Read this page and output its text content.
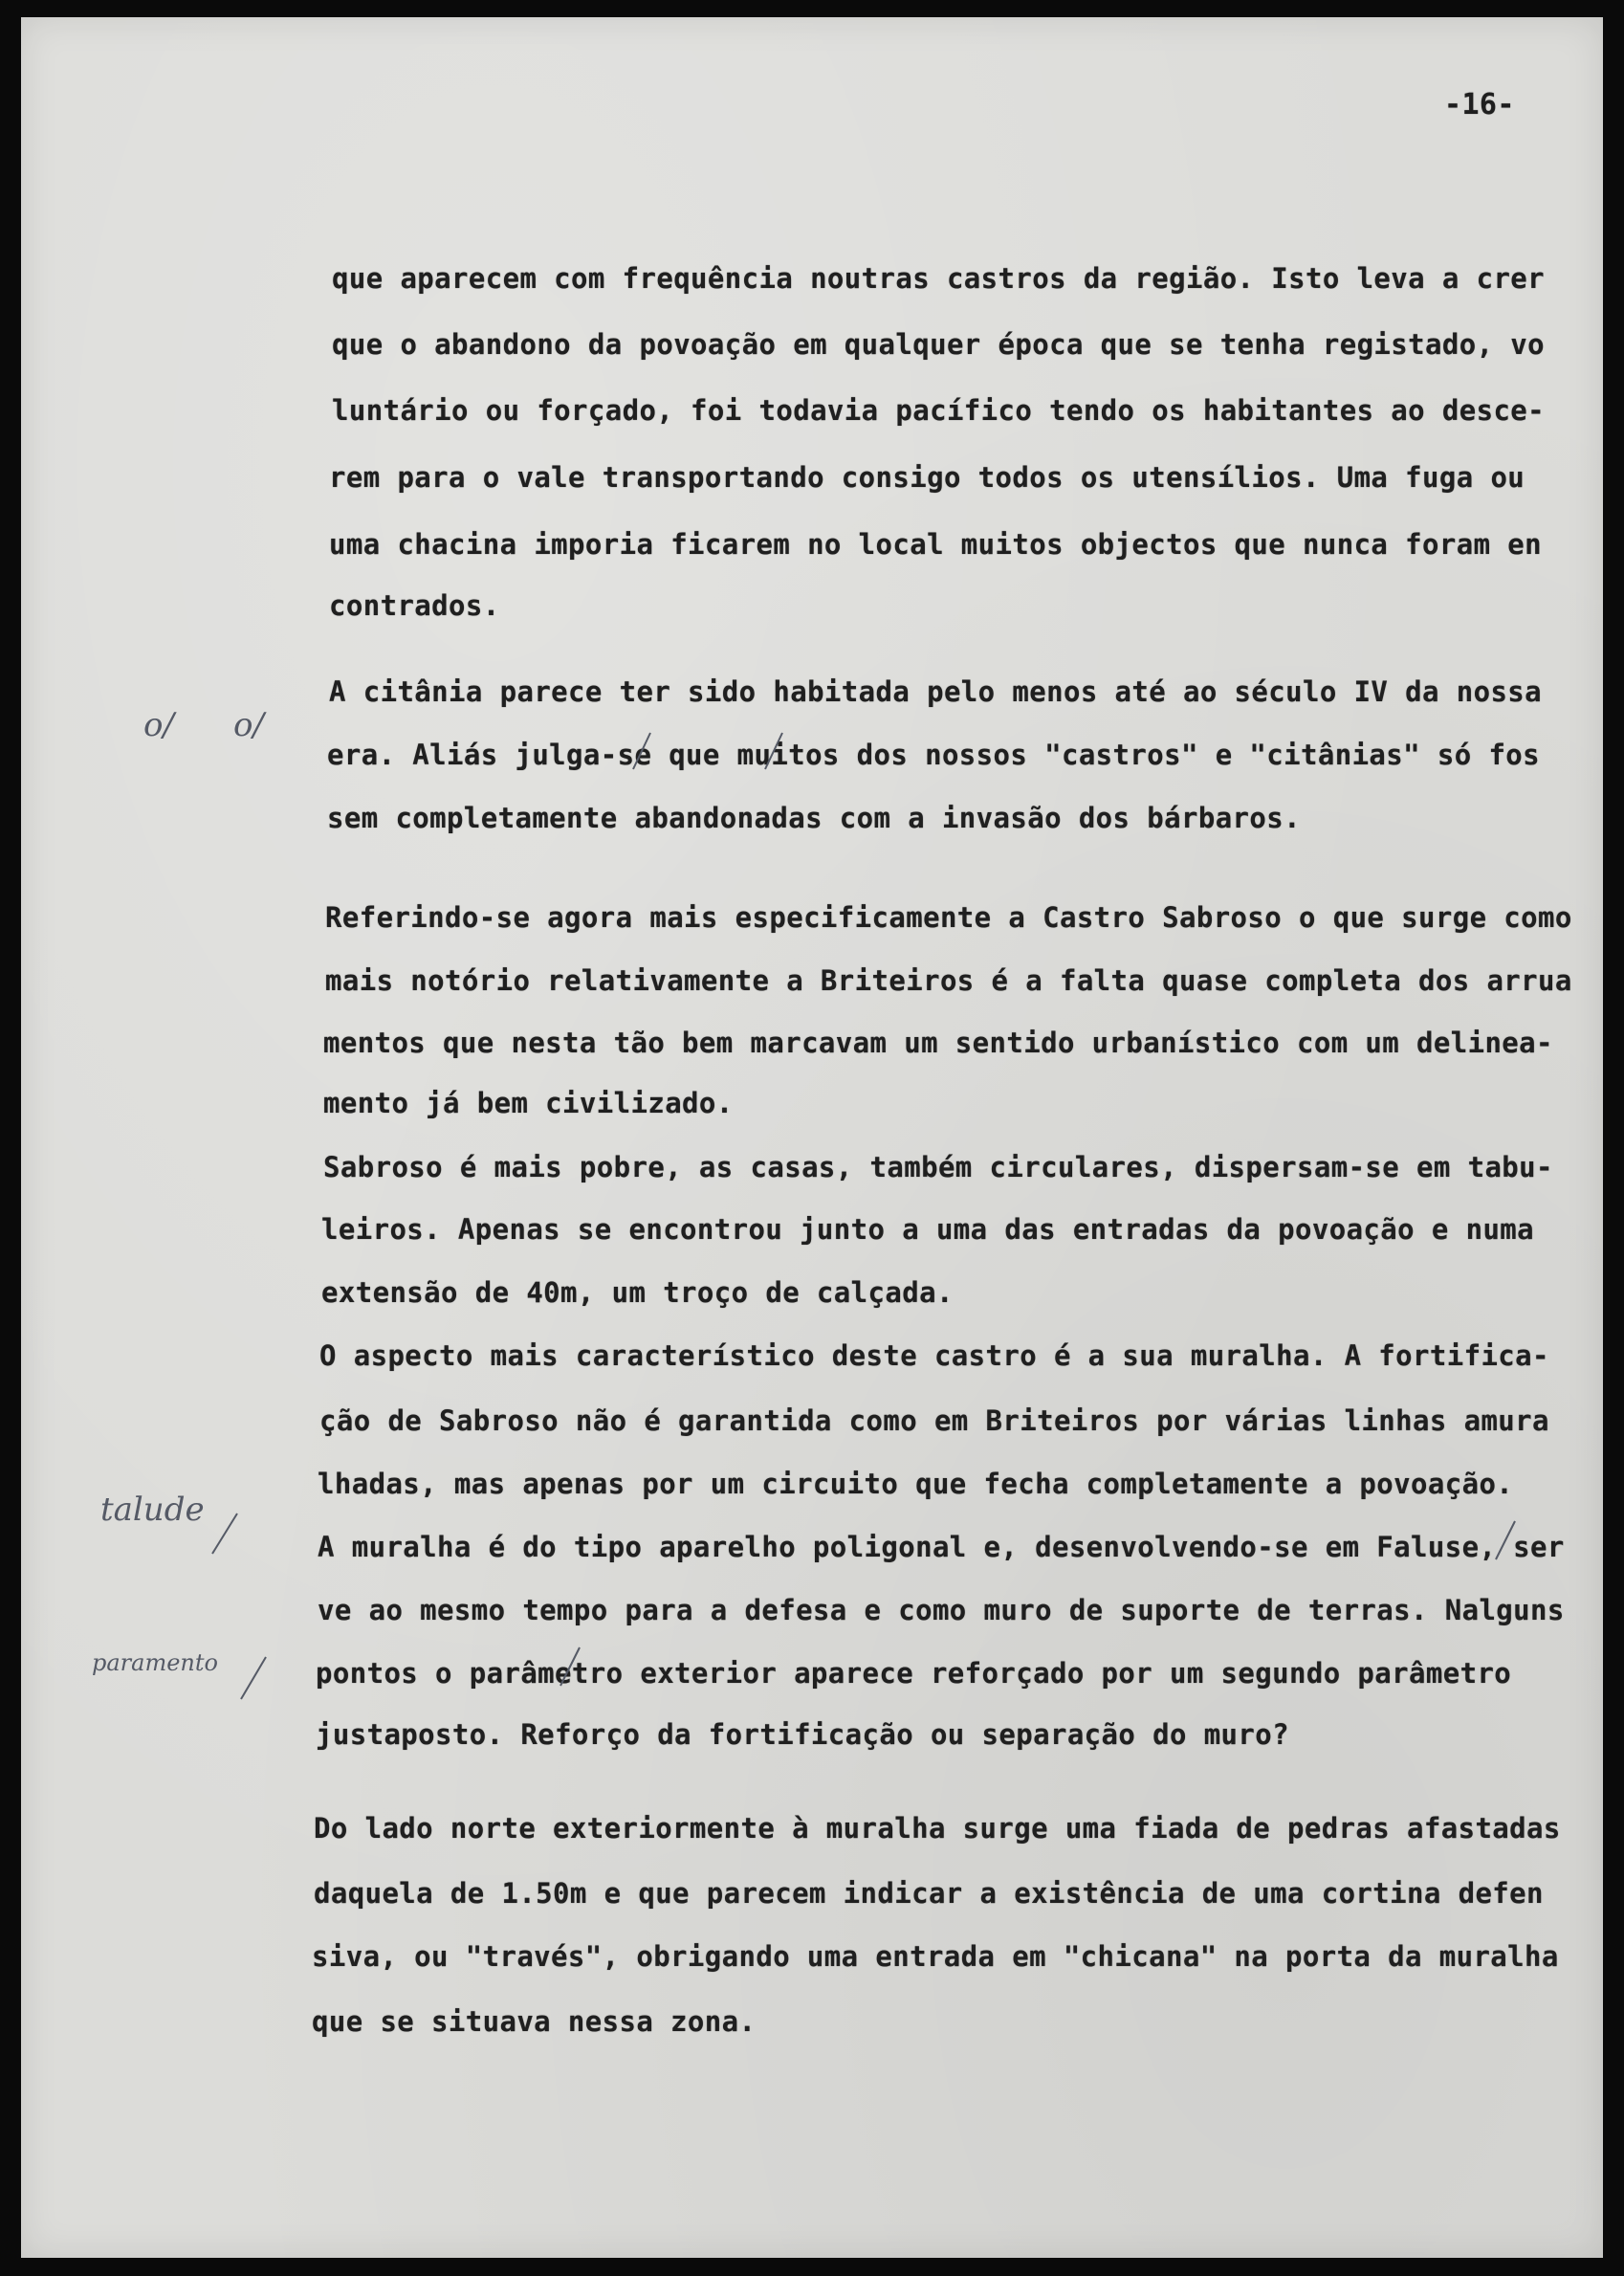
-16-
que aparecem com frequência noutras castros da região. Isto leva a crer
que o abandono da povoação em qualquer época que se tenha registado, vo
luntário ou forçado, foi todavia pacífico tendo os habitantes ao desce-
rem para o vale transportando consigo todos os utensílios. Uma fuga ou
uma chacina imporia ficarem no local muitos objectos que nunca foram en
contrados.
A citânia parece ter sido habitada pelo menos até ao século IV da nossa
era. Aliás julga-se que muitos dos nossos "castros" e "citânias" só fos
sem completamente abandonadas com a invasão dos bárbaros.
Referindo-se agora mais especificamente a Castro Sabroso o que surge como
mais notório relativamente a Briteiros é a falta quase completa dos arrua
mentos que nesta tão bem marcavam um sentido urbanístico com um delinea-
mento já bem civilizado.
Sabroso é mais pobre, as casas, também circulares, dispersam-se em tabu-
leiros. Apenas se encontrou junto a uma das entradas da povoação e numa
extensão de 40m, um troço de calçada.
O aspecto mais característico deste castro é a sua muralha. A fortifica-
ção de Sabroso não é garantida como em Briteiros por várias linhas amura
lhadas, mas apenas por um circuito que fecha completamente a povoação.
A muralha é do tipo aparelho poligonal e, desenvolvendo-se em Faluse, ser
ve ao mesmo tempo para a defesa e como muro de suporte de terras. Nalguns
pontos o parâmetro exterior aparece reforçado por um segundo parâmetro
justaposto. Reforço da fortificação ou separação do muro?
Do lado norte exteriormente à muralha surge uma fiada de pedras afastadas
daquela de 1.50m e que parecem indicar a existência de uma cortina defen
siva, ou "través", obrigando uma entrada em "chicana" na porta da muralha
que se situava nessa zona.
o/ o/
talude
paramento
